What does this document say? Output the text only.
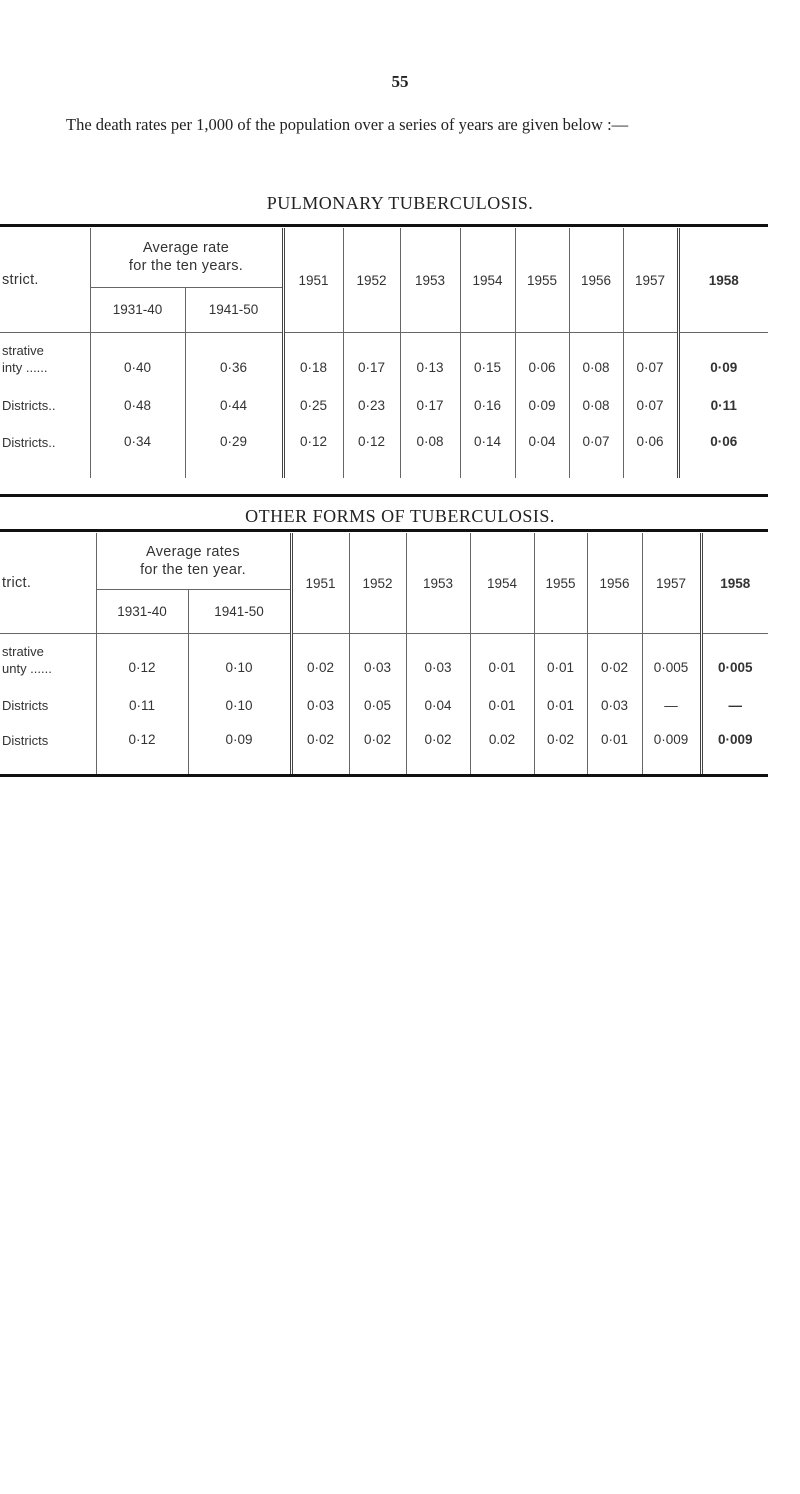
55

The death rates per 1,000 of the population over a series of years are given below :—

PULMONARY TUBERCULOSIS.
strict.	Average rate
for the ten years.		1951	1952	1953	1954	1955	1956	1957	1958
	1931-40	1941-50								

strative
inty ......	0·40	0·36	0·18	0·17	0·13	0·15	0·06	0·08	0·07	0·09
Districts..	0·48	0·44	0·25	0·23	0·17	0·16	0·09	0·08	0·07	0·11
Districts..	0·34	0·29	0·12	0·12	0·08	0·14	0·04	0·07	0·06	0·06
OTHER FORMS OF TUBERCULOSIS.
trict.	Average rates
for the ten year.		1951	1952	1953	1954	1955	1956	1957	1958
	1931-40	1941-50								

strative
unty ......	0·12	0·10	0·02	0·03	0·03	0·01	0·01	0·02	0·005	0·005
Districts	0·11	0·10	0·03	0·05	0·04	0·01	0·01	0·03	—	—
Districts	0·12	0·09	0·02	0·02	0·02	0.02	0·02	0·01	0·009	0·009
